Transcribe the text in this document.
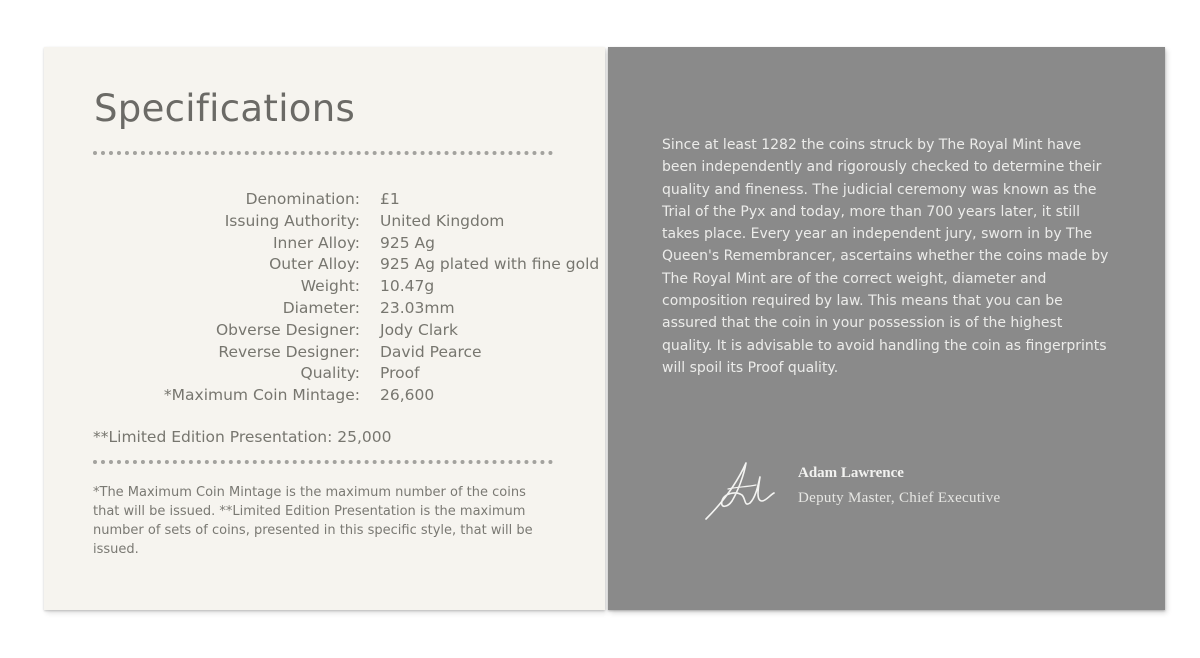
Specifications
Denomination:	£1
Issuing Authority:	United Kingdom
Inner Alloy:	925 Ag
Outer Alloy:	925 Ag plated with fine gold
Weight:	10.47g
Diameter:	23.03mm
Obverse Designer:	Jody Clark
Reverse Designer:	David Pearce
Quality:	Proof
*Maximum Coin Mintage:	26,600
**Limited Edition Presentation: 25,000
*The Maximum Coin Mintage is the maximum number of the coins that will be issued. **Limited Edition Presentation is the maximum number of sets of coins, presented in this specific style, that will be issued.
Since at least 1282 the coins struck by The Royal Mint have been independently and rigorously checked to determine their quality and fineness. The judicial ceremony was known as the Trial of the Pyx and today, more than 700 years later, it still takes place. Every year an independent jury, sworn in by The Queen's Remembrancer, ascertains whether the coins made by The Royal Mint are of the correct weight, diameter and composition required by law. This means that you can be assured that the coin in your possession is of the highest quality. It is advisable to avoid handling the coin as fingerprints will spoil its Proof quality.
Adam Lawrence
Deputy Master, Chief Executive
